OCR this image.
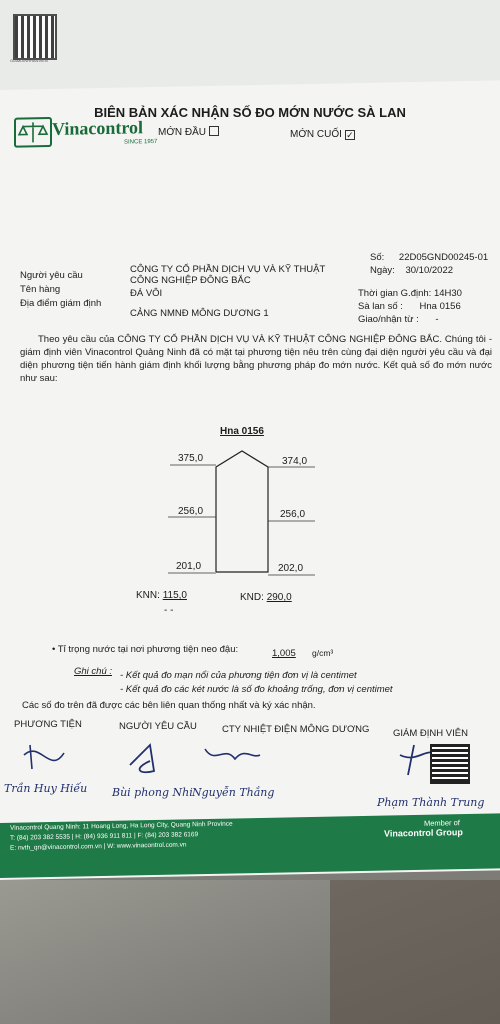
GIAMDINHHANVIEN
Vinacontrol
SINCE 1957
BIÊN BẢN XÁC NHẬN SỐ ĐO MỚN NƯỚC SÀ LAN
MỚN ĐẦU	MỚN CUỐI ✓
Số: 22D05GND00245-01
Ngày: 30/10/2022
Người yêu cầu
CÔNG TY CỔ PHẦN DỊCH VỤ VÀ KỸ THUẬT
CÔNG NGHIỆP ĐÔNG BẮC
Tên hàng	ĐÁ VÔI
Địa điểm giám định
CẢNG NMNĐ MÔNG DƯƠNG 1
Thời gian G.định: 14H30
Sà lan số : Hna 0156
Giao/nhận từ : -
Theo yêu cầu của CÔNG TY CỔ PHẦN DỊCH VỤ VÀ KỸ THUẬT CÔNG NGHIỆP ĐÔNG BẮC. Chúng tôi - giám định viên Vinacontrol Quảng Ninh đã có mặt tại phương tiện nêu trên cùng đại diện người yêu cầu và đại diện phương tiện tiến hành giám định khối lượng bằng phương pháp đo mớn nước. Kết quả số đo mớn nước như sau:
Hna 0156
375,0	374,0
256,0	256,0
201,0	202,0
KNN: 115,0
- -
KND: 290,0
• Tỉ trọng nước tại nơi phương tiện neo đậu:	1,005 g/cm³
Ghi chú : - Kết quả đo mạn nổi của phương tiện đơn vị là centimet
- Kết quả đo các két nước là số đo khoảng trống, đơn vị centimet
Các số đo trên đã được các bên liên quan thống nhất và ký xác nhận.
PHƯƠNG TIỆN	NGƯỜI YÊU CẦU	CTY NHIỆT ĐIỆN MÔNG DƯƠNG GIÁM ĐỊNH VIÊN
Trần Huy Hiếu Bùi phong Nhi Nguyễn Thắng
Phạm Thành Trung
Vinacontrol Quang Ninh: 11 Hoang Long, Ha Long City, Quang Ninh Province
T: (84) 203 382 5535 | H: (84) 936 911 811 | F: (84) 203 382 6169
E: nvth_qn@vinacontrol.com.vn | W: www.vinacontrol.com.vn
Member of
Vinacontrol Group
